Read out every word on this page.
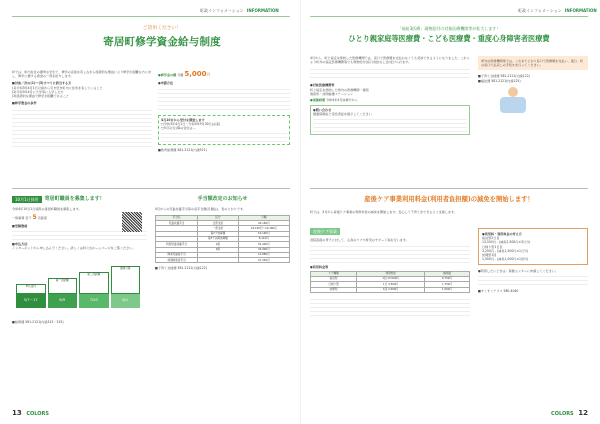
町政インフォメーション INFORMATION
ご活用ください！
寄居町修学資金給与制度

町では、町内在住の優秀な学生で、修学の意欲を有しながら経済的な理由により修学が困難な方に対し、修学に要する資金の一部を給与します。

■対象／次の(1)～(3)すべてに該当する方

(1)令和3年4月1日以前から引き続き町内に住所を有していること

(2)令和3年4月に大学等に入学した方

(3)経済的な理由で修学が困難であること

■修学資金の条件

●修学金の額 月額 5,000円

●申請方法

4月10日から受付を開始します

□令和3年4月1日〜令和3年9月30日(必着)

□5月1日以降の受付は…

■教育総務課 581-2121(内線521)

10月1日採用	寄居町職員を募集します！

令和4年10月1日採用の寄居町職員を募集します。

一般事務 若干 5 名程度

■受験資格

■申込方法

インターネットから申し込んでください。詳しくは町公式ホームページをご覧ください。

5/7〜17	6/9	7/20	8/1
申込受付
第一次試験
第二次試験
最終合格

■総務課 581-2121(内線313・315)

手当額改定のお知らせ

4月からの児童扶養手当等の各手当額(月額)は、表のとおりです。

手当名	区分	月額
児童扶養手当	全部支給	43,160円
	一部支給	43,150円〜10,180円
	第2子加算額	10,190円
	第3子以降加算額	6,110円
特別児童扶養手当	1級	52,400円
	2級	34,900円
障害児福祉手当		14,880円
特別障害者手当		27,350円

■子育て支援課 581-2121(内線122)

13 COLORS
町政インフォメーション INFORMATION
「福祉3医療」現物給付の対象医療機関等が拡大します！
ひとり親家庭等医療費・こども医療費・重度心身障害者医療費

4月から、町と協定を締結した医療機関では、窓口で医療費を支払わなくても受診できるようになりました。これにより町外の協定医療機関等でも現物給付(窓口負担なし)が受けられます。

●対象医療機関等

町と協定を締結した県内の医療機関・薬局

施術所・訪問看護ステーション

●実施時期 令和4年4月診療分から

●問い合わせ

健康保険証と受給者証を提示してください

県外の医療機関等では、これまでどおり窓口で医療費を支払い、後日、町の窓口で払戻しの手続きを行ってください。

■子育て支援課 581-2121(内線122)

■福祉課 581-2121(内線125)

産後ケア事業利用料金(利用者負担額)の減免を開始します！

町では、4月から産後ケア事業の利用料金の減免を開始します。安心して子育てができるよう支援します。

産後ケア事業

退院直後の母子に対して、心身のケアや育児のサポート等を行います。

●利用料金等

ケア種類	利用料金	減免後
宿泊型	1泊 13,500円	6,750円
日帰り型	1日 3,500円	1,750円
訪問型	1回 2,000円	1,000円

●利用料・利用料金の考え方

宿泊型2日目

13,500円 - (減免2,500円×3日分)

日帰り型1日目

3,200円 - (減免1,500円×1日分)

訪問型1回

1,500円 - (減免1,000円×1回分)

●利用したいときは：保健センターに申請してください。

■すくすくテラス 580-4040

COLORS 12
